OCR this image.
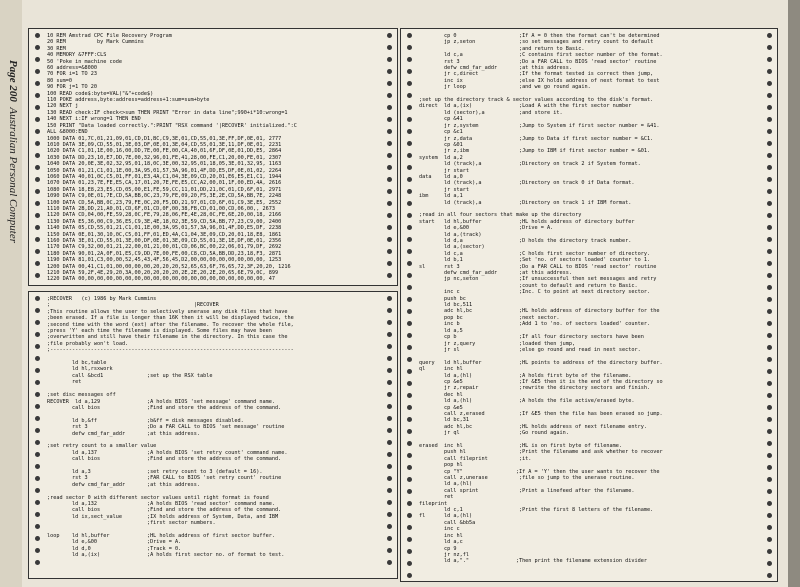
Page 200  Australian Personal Computer
10 REM Amstrad CPC File Recovery Program
20 REM          by Mark Cummins
30 REM
40 MEMORY &7FFF:CLS
50 'Poke in machine code
60 address=&8000
70 FOR i=1 TO 23
80 sum=0
90 FOR j=1 TO 20
100 READ code$:byte=VAL("&"+code$)
110 POKE address,byte:address=address+1:sum=sum+byte
120 NEXT j
130 READ check:IF check<>sum THEN PRINT "Error in data line";990+i*10:wrong=1
140 NEXT i:IF wrong=1 THEN END
150 PRINT "Data loaded correctly.":PRINT "RSX command '|RECOVER' initialized.":C
ALL &8000:END
1000 DATA 01,7C,01,21,09,01,CD,D1,BC,C9,3E,01,CD,55,01,3E,FF,DF,0E,01, 2777
1010 DATA 3E,09,CD,55,01,3E,03,DF,0E,01,3E,04,CD,55,01,3E,11,DF,0E,01, 2231
1020 DATA C1,01,1E,00,16,00,DD,7E,00,FE,00,CA,40,01,6F,DF,0E,01,DD,E5, 2864
1030 DATA DD,23,10,E7,DD,7E,00,32,96,01,FE,41,28,00,FE,C1,20,00,FE,01, 2307
1040 DATA 20,0E,3E,02,32,95,01,18,0C,3E,00,32,95,01,18,05,3E,01,32,95, 1163
1050 DATA 01,21,C1,01,1E,00,3A,95,01,57,3A,96,01,4F,DD,E5,DF,0E,01,02, 2264
1060 DATA 40,01,0C,C5,01,FF,01,E3,4A,C1,04,3E,09,CD,20,01,E6,E5,E1,C1, 1944
1070 DATA 01,23,7E,FE,E5,CA,17,01,20,7E,FE,E5,CC,A2,00,01,1F,00,ED,4A, 2616
1080 DATA 18,E8,23,E5,CD,05,00,E1,FE,59,CC,11,01,DD,21,0C,01,CD,6F,01, 2971
1090 DATA C9,0E,01,7E,CD,5A,BB,0C,23,79,FE,09,20,F5,3E,2E,CD,5A,BB,7E, 2248
1100 DATA CD,5A,BB,0C,23,79,FE,0C,20,F5,DD,21,97,01,CD,6F,01,C9,3E,E5, 2552
1110 DATA 2B,DD,21,A0,01,CD,6F,01,CD,0F,00,38,FB,CD,01,00,CD,06,00,, 2673
1120 DATA CD,04,00,FE,59,28,0C,FE,79,28,06,FE,4E,28,0C,FE,6E,20,00,18, 2166
1130 DATA E5,36,00,C9,36,E5,C9,3E,4E,18,02,3E,59,CD,5A,BB,77,23,C9,00, 2400
1140 DATA 05,CD,55,01,21,C1,01,1E,00,3A,95,01,57,3A,96,01,4F,DD,E5,DF, 2238
1150 DATA 0E,01,30,10,0C,C5,01,FF,01,ED,4A,C1,04,3E,09,CD,20,01,18,E8, 1861
1160 DATA 3E,01,CD,55,01,3E,00,DF,0E,01,3E,09,CD,55,01,3E,1E,DF,0E,01, 2356
1170 DATA C9,32,00,01,21,22,00,01,21,00,01,CD,06,BC,00,22,06,01,79,DF, 2692
1180 DATA 90,01,2A,0F,01,E5,C9,DD,7E,00,FE,00,C8,CD,5A,BB,DD,23,18,F3, 2871
1190 DATA 81,01,C3,00,00,52,45,43,4F,56,45,D2,00,00,00,00,00,00,00,00, 1253
1200 DATA 00,41,C1,01,00,00,00,00,20,20,20,52,65,63,6F,76,65,72,3F,20,20, 1216
1210 DATA 59,2F,4E,29,20,3A,00,20,20,20,20,2E,2E,20,2E,20,65,6E,79,0C, 899
1220 DATA 00,00,00,00,00,00,00,00,00,00,00,00,00,00,00,00,00,00,00,00, 47
;RECOVER   (c) 1986 by Mark Cummins
;                                              |RECOVER
;This routine allows the user to selectively unerase any disk files that have
;been erased. If a file is longer than 16K then it will be displayed twice, the
;second time with the word (ext) after the filename. To recover the whole file,
;press 'Y' each time the filename is displayed. Some files may have been
;overwritten and still have their filename in the directory. In this case the
;file probably won't load.
;------------------------------------------------------------------------------

ld bc,table
ld hl,rsxwork
call &bcd1              ;set up the RSX table
ret

;set disc messages off
RECOVER  ld a,129               ;A holds BIOS 'set message' command name.
call bios               ;Find and store the address of the command.

ld b,&ff                ;b&ff = disk messages disabled.
rst 3                   ;Do a FAR CALL to BIOS 'set message' routine
defw cmd_far_addr       ;at this address.

;set retry count to a smaller value
ld a,137                ;A holds BIOS 'set retry count' command name.
call bios               ;Find and store the address of the command.

ld a,3                  ;set retry count to 3 (default = 16).
rst 3                   ;FAR CALL to BIOS 'set retry count' routine
defw cmd_far_addr       ;at this address.

;read sector 0 with different sector values until right format is found
ld a,132                ;A holds BIOS 'read sector' command name.
call bios               ;Find and store the address of the command.
ld ix,sect_value        ;IX holds address of System, Data, and IBM
;first sector numbers.

loop    ld hl,buffer            ;HL holds address of first sector buffer.
ld e,&00                ;Drive = A.
ld d,0                  ;Track = 0.
ld a,(ix)               ;A holds first sector no. of format to test.
cp 0                    ;If A = 0 then the format can't be determined
jp z,seton              ;so set messages and retry count to default
;and return to Basic.
ld c,a                  ;C contains first sector number of the format.
rst 3                   ;Do a FAR CALL to BIOS 'read sector' routine
defw cmd_far_addr       ;at this address.
jr c,direct             ;If the format tested is correct then jump,
inc ix                  ;else IX holds address of next format to test
jr loop                 ;and we go round again.

;set up the directory track & sector values according to the disk's format.
direct  ld a,(ix)               ;Load A with the first sector number
ld (sector),a           ;and store it.
cp &41
jr z,system             ;Jump to System if first sector number = &41.
cp &c1
jr z,data               ;Jump to Data if first sector number = &C1.
cp &01
jr z,ibm                ;Jump to IBM if first sector number = &01.
system  ld a,2
ld (track),a            ;Directory on track 2 if System format.
jr start
data    ld a,0
ld (track),a            ;Directory on track 0 if Data format.
jr start
ibm     ld a,1
ld (track),a            ;Directory on track 1 if IBM format.

;read in all four sectors that make up the directory
start   ld hl,buffer            ;HL holds address of directory buffer
ld e,&00                ;Drive = A.
ld a,(track)
ld d,a                  ;D holds the directory track number.
ld a,(sector)
ld c,a                  ;C holds first sector number of directory.
ld b,1                  ;Set 'no. of sectors loaded' counter to 1.
sl      rst 3                   ;Do a FAR CALL to BIOS 'read sector' routine
defw cmd_far_addr       ;at this address.
jp nc,seton             ;If unsuccessful then set messages and retry
;count to default and return to Basic.
inc c                   ;Inc. C to point at next directory sector.
push bc
ld bc,511
adc hl,bc               ;HL holds address of directory buffer for the
pop bc                  ;next sector.
inc b                   ;Add 1 to 'no. of sectors loaded' counter.
ld a,5
cp b                    ;If all four directory sectors have been
jr z,query              ;loaded then jump,
jr sl                   ;else go round and read in next sector.

query   ld hl,buffer            ;HL points to address of the directory buffer.
ql      inc hl
ld a,(hl)               ;A holds first byte of the filename.
cp &e5                  ;If &E5 then it is the end of the directory so
jr z,repair             ;rewrite the directory sectors and finish.
dec hl
ld a,(hl)               ;A holds the file active/erased byte.
cp &e5
call z,erased           ;If &E5 then the file has been erased so jump.
ld bc,31
adc hl,bc               ;HL holds address of next filename entry.
jr ql                   ;Go round again.

erased  inc hl                  ;HL is on first byte of filename.
push hl                 ;Print the filename and ask whether to recover
call fileprint          ;it.
pop hl
cp "Y"                 ;If A = 'Y' then the user wants to recover the
call z,unerase          ;file so jump to the unerase routine.
ld a,(hl)
call sprint             ;Print a linefeed after the filename.
ret
fileprint
ld c,1                  ;Print the first 8 letters of the filename.
fl      ld a,(hl)
call &bb5a
inc c
inc hl
ld a,c
cp 9
jr nz,fl
ld a,"."               ;Then print the filename extension divider
